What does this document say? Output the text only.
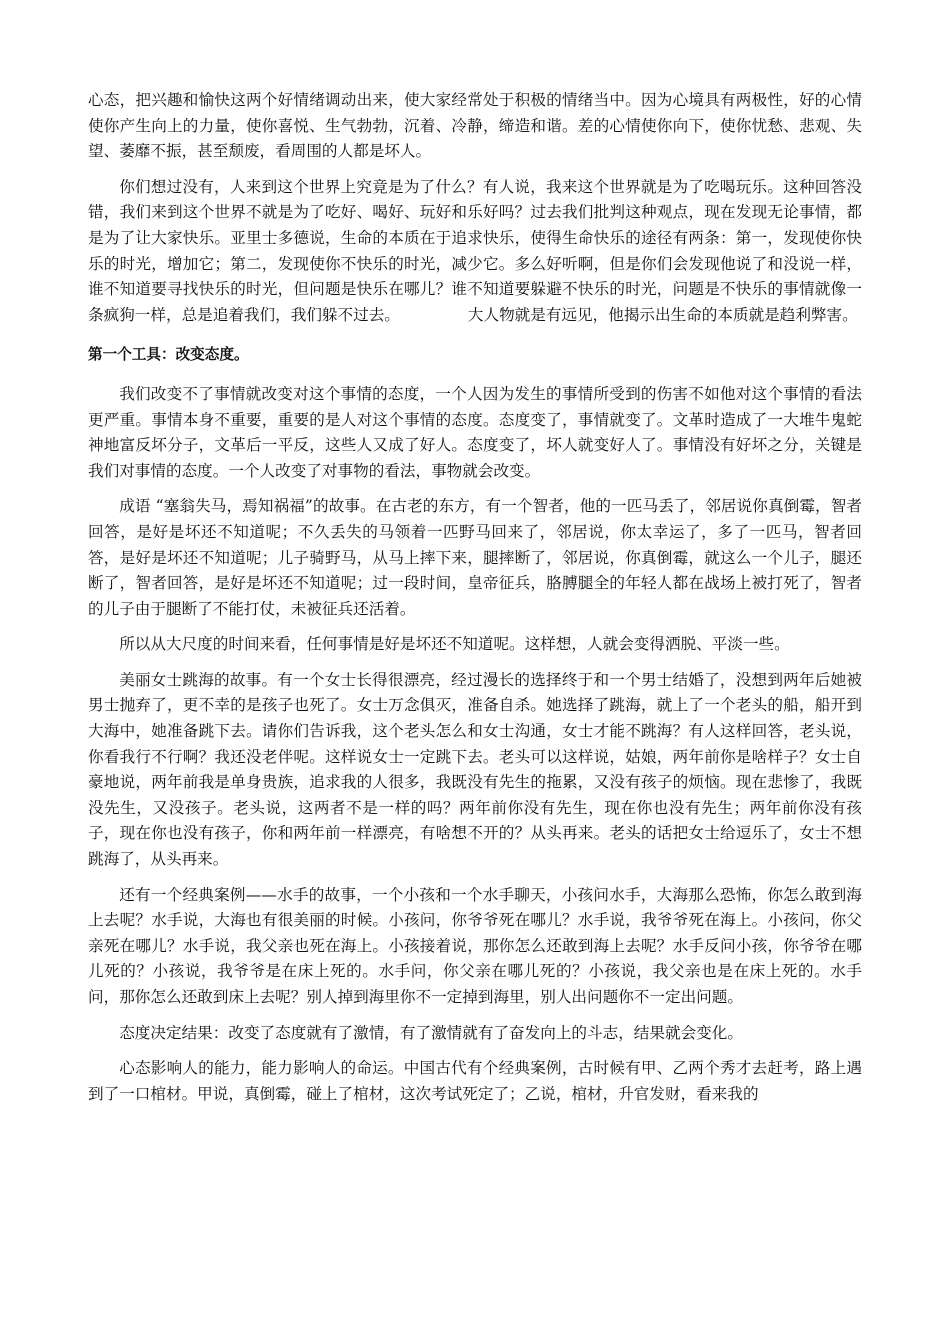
心态，把兴趣和愉快这两个好情绪调动出来，使大家经常处于积极的情绪当中。因为心境具有两极性，好的心情使你产生向上的力量，使你喜悦、生气勃勃，沉着、冷静，缔造和谐。差的心情使你向下，使你忧愁、悲观、失望、萎靡不振，甚至颓废，看周围的人都是坏人。

你们想过没有，人来到这个世界上究竟是为了什么？有人说，我来这个世界就是为了吃喝玩乐。这种回答没错，我们来到这个世界不就是为了吃好、喝好、玩好和乐好吗？过去我们批判这种观点，现在发现无论事情，都是为了让大家快乐。亚里士多德说，生命的本质在于追求快乐，使得生命快乐的途径有两条：第一，发现使你快乐的时光，增加它；第二，发现使你不快乐的时光，减少它。多么好听啊，但是你们会发现他说了和没说一样，谁不知道要寻找快乐的时光，但问题是快乐在哪儿？谁不知道要躲避不快乐的时光，问题是不快乐的事情就像一条疯狗一样，总是追着我们，我们躲不过去。	大人物就是有远见，他揭示出生命的本质就是趋利弊害。

第一个工具：改变态度。

我们改变不了事情就改变对这个事情的态度，一个人因为发生的事情所受到的伤害不如他对这个事情的看法更严重。事情本身不重要，重要的是人对这个事情的态度。态度变了，事情就变了。文革时造成了一大堆牛鬼蛇神地富反坏分子，文革后一平反，这些人又成了好人。态度变了，坏人就变好人了。事情没有好坏之分，关键是我们对事情的态度。一个人改变了对事物的看法，事物就会改变。

成语 “塞翁失马，焉知祸福”的故事。在古老的东方，有一个智者，他的一匹马丢了，邻居说你真倒霉，智者回答，是好是坏还不知道呢；不久丢失的马领着一匹野马回来了，邻居说，你太幸运了，多了一匹马，智者回答，是好是坏还不知道呢；儿子骑野马，从马上摔下来，腿摔断了，邻居说，你真倒霉，就这么一个儿子，腿还断了，智者回答，是好是坏还不知道呢；过一段时间，皇帝征兵，胳膊腿全的年轻人都在战场上被打死了，智者的儿子由于腿断了不能打仗，未被征兵还活着。

所以从大尺度的时间来看，任何事情是好是坏还不知道呢。这样想，人就会变得洒脱、平淡一些。

美丽女士跳海的故事。有一个女士长得很漂亮，经过漫长的选择终于和一个男士结婚了，没想到两年后她被男士抛弃了，更不幸的是孩子也死了。女士万念俱灭，准备自杀。她选择了跳海，就上了一个老头的船，船开到大海中，她准备跳下去。请你们告诉我，这个老头怎么和女士沟通，女士才能不跳海？有人这样回答，老头说，你看我行不行啊？我还没老伴呢。这样说女士一定跳下去。老头可以这样说，姑娘，两年前你是啥样子？女士自豪地说，两年前我是单身贵族，追求我的人很多，我既没有先生的拖累，又没有孩子的烦恼。现在悲惨了，我既没先生，又没孩子。老头说，这两者不是一样的吗？两年前你没有先生，现在你也没有先生；两年前你没有孩子，现在你也没有孩子，你和两年前一样漂亮，有啥想不开的？从头再来。老头的话把女士给逗乐了，女士不想跳海了，从头再来。

还有一个经典案例——水手的故事，一个小孩和一个水手聊天，小孩问水手，大海那么恐怖，你怎么敢到海上去呢？水手说，大海也有很美丽的时候。小孩问，你爷爷死在哪儿？水手说，我爷爷死在海上。小孩问，你父亲死在哪儿？水手说，我父亲也死在海上。小孩接着说，那你怎么还敢到海上去呢？水手反问小孩，你爷爷在哪儿死的？小孩说，我爷爷是在床上死的。水手问，你父亲在哪儿死的？小孩说，我父亲也是在床上死的。水手问，那你怎么还敢到床上去呢？别人掉到海里你不一定掉到海里，别人出问题你不一定出问题。

态度决定结果：改变了态度就有了激情，有了激情就有了奋发向上的斗志，结果就会变化。

心态影响人的能力，能力影响人的命运。中国古代有个经典案例，古时候有甲、乙两个秀才去赶考，路上遇到了一口棺材。甲说，真倒霉，碰上了棺材，这次考试死定了；乙说，棺材，升官发财，看来我的
